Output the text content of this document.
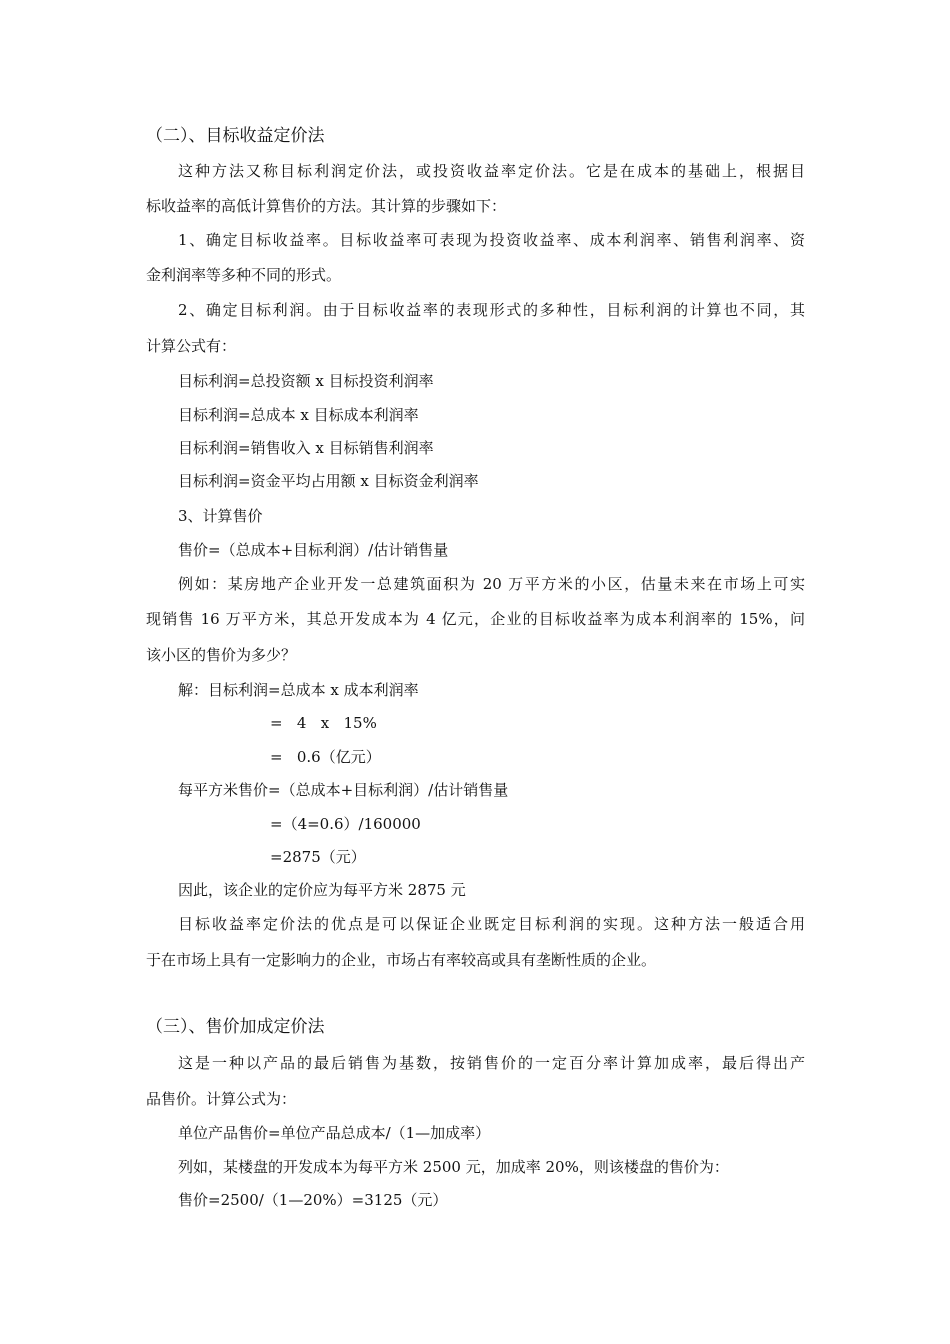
（二）、目标收益定价法
这种方法又称目标利润定价法，或投资收益率定价法。它是在成本的基础上，根据目
标收益率的高低计算售价的方法。其计算的步骤如下：
1、确定目标收益率。目标收益率可表现为投资收益率、成本利润率、销售利润率、资
金利润率等多种不同的形式。
2、确定目标利润。由于目标收益率的表现形式的多种性，目标利润的计算也不同，其
计算公式有：
目标利润=总投资额 x 目标投资利润率
目标利润=总成本 x 目标成本利润率
目标利润=销售收入 x 目标销售利润率
目标利润=资金平均占用额 x 目标资金利润率
3、计算售价
售价=（总成本+目标利润）/估计销售量
例如：某房地产企业开发一总建筑面积为 20 万平方米的小区，估量未来在市场上可实
现销售 16 万平方米，其总开发成本为 4 亿元，企业的目标收益率为成本利润率的 15%，问
该小区的售价为多少？
解：目标利润=总成本 x 成本利润率
=   4   x   15%
=   0.6（亿元）
每平方米售价=（总成本+目标利润）/估计销售量
=（4=0.6）/160000
=2875（元）
因此，该企业的定价应为每平方米 2875 元
目标收益率定价法的优点是可以保证企业既定目标利润的实现。这种方法一般适合用
于在市场上具有一定影响力的企业，市场占有率较高或具有垄断性质的企业。
（三）、售价加成定价法
这是一种以产品的最后销售为基数，按销售价的一定百分率计算加成率，最后得出产
品售价。计算公式为：
单位产品售价=单位产品总成本/（1—加成率）
列如，某楼盘的开发成本为每平方米 2500 元，加成率 20%，则该楼盘的售价为：
售价=2500/（1—20%）=3125（元）
